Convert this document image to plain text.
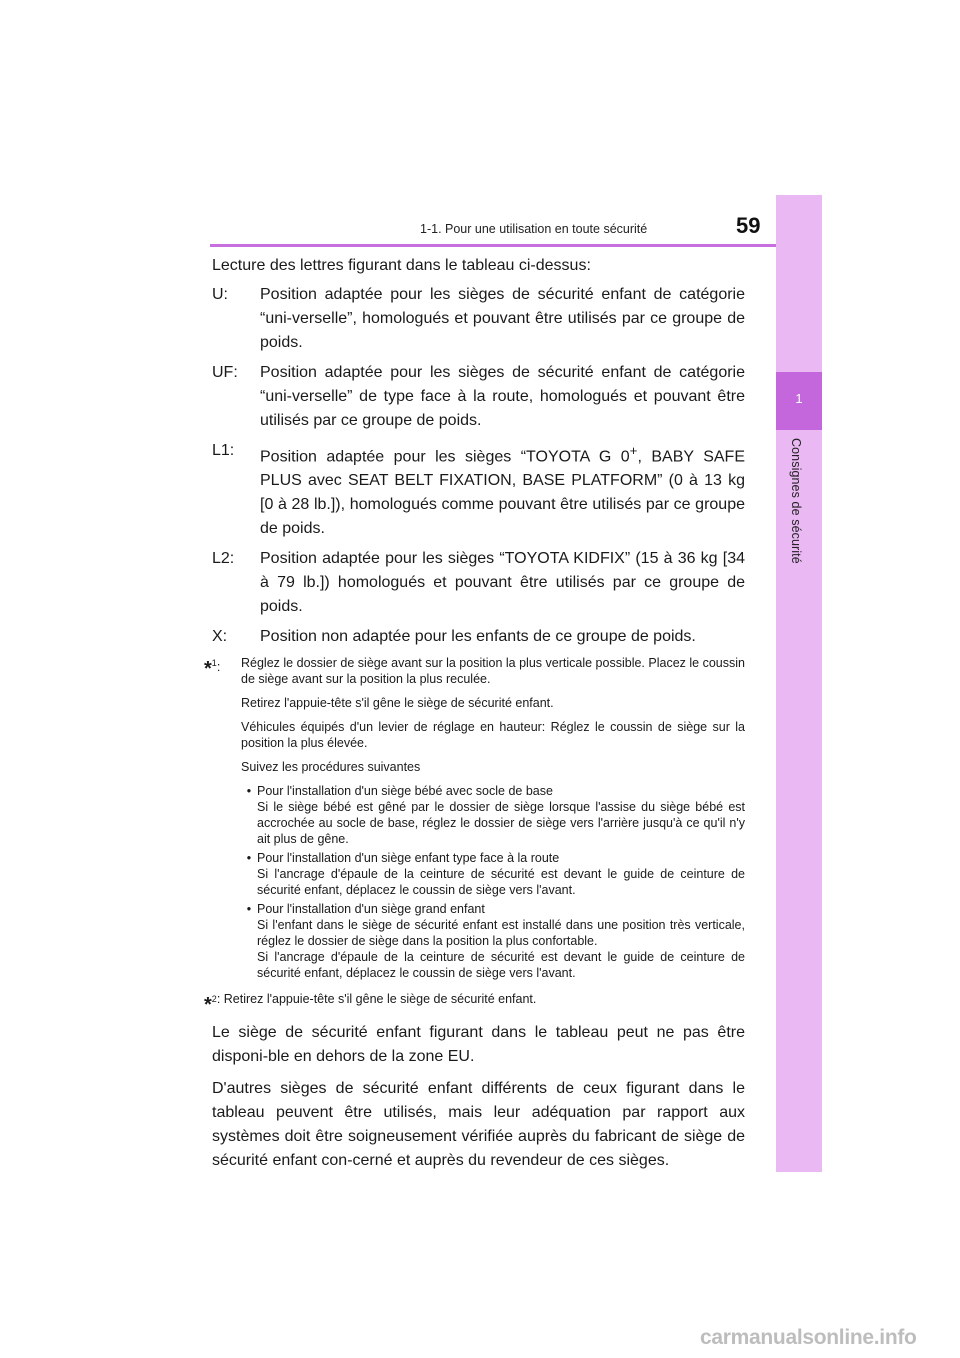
1-1. Pour une utilisation en toute sécurité	59
1
Consignes de sécurité

Lecture des lettres figurant dans le tableau ci-dessus:

U:	Position adaptée pour les sièges de sécurité enfant de catégorie “uni-verselle”, homologués et pouvant être utilisés par ce groupe de poids.
UF:	Position adaptée pour les sièges de sécurité enfant de catégorie “uni-verselle” de type face à la route, homologués et pouvant être utilisés par ce groupe de poids.
L1:	Position adaptée pour les sièges “TOYOTA G 0+, BABY SAFE PLUS avec SEAT BELT FIXATION, BASE PLATFORM” (0 à 13 kg [0 à 28 lb.]), homologués comme pouvant être utilisés par ce groupe de poids.
L2:	Position adaptée pour les sièges “TOYOTA KIDFIX” (15 à 36 kg [34 à 79 lb.]) homologués et pouvant être utilisés par ce groupe de poids.
X:	Position non adaptée pour les enfants de ce groupe de poids.
*$^1$:	Réglez le dossier de siège avant sur la position la plus verticale possible. Placez le coussin de siège avant sur la position la plus reculée.

Retirez l'appuie-tête s'il gêne le siège de sécurité enfant.

Véhicules équipés d'un levier de réglage en hauteur: Réglez le coussin de siège sur la position la plus élevée.

Suivez les procédures suivantes

• Pour l'installation d'un siège bébé avec socle de base
Si le siège bébé est gêné par le dossier de siège lorsque l'assise du siège bébé est accrochée au socle de base, réglez le dossier de siège vers l'arrière jusqu'à ce qu'il n'y ait plus de gêne.
• Pour l'installation d'un siège enfant type face à la route
Si l'ancrage d'épaule de la ceinture de sécurité est devant le guide de ceinture de sécurité enfant, déplacez le coussin de siège vers l'avant.
• Pour l'installation d'un siège grand enfant
Si l'enfant dans le siège de sécurité enfant est installé dans une position très verticale, réglez le dossier de siège dans la position la plus confortable.
Si l'ancrage d'épaule de la ceinture de sécurité est devant le guide de ceinture de sécurité enfant, déplacez le coussin de siège vers l'avant.
*$^2$ : Retirez l'appuie-tête s'il gêne le siège de sécurité enfant.

Le siège de sécurité enfant figurant dans le tableau peut ne pas être disponi-ble en dehors de la zone EU.

D'autres sièges de sécurité enfant différents de ceux figurant dans le tableau peuvent être utilisés, mais leur adéquation par rapport aux systèmes doit être soigneusement vérifiée auprès du fabricant de siège de sécurité enfant con-cerné et auprès du revendeur de ces sièges.

carmanualsonline.info
